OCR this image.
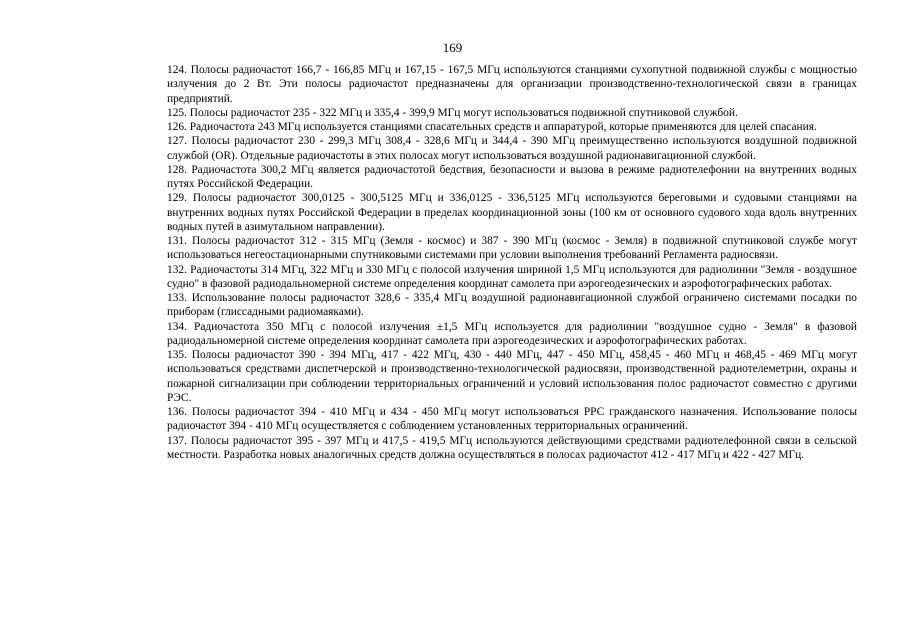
169

124. Полосы радиочастот 166,7 - 166,85 МГц и 167,15 - 167,5 МГц используются станциями сухопутной подвижной службы с мощностью излучения до 2 Вт. Эти полосы радиочастот предназначены для организации производственно-технологической связи в границах предприятий.

125. Полосы радиочастот 235 - 322 МГц и 335,4 - 399,9 МГц могут использоваться подвижной спутниковой службой.

126. Радиочастота 243 МГц используется станциями спасательных средств и аппаратурой, которые применяются для целей спасания.

127. Полосы радиочастот 230 - 299,3 МГц 308,4 - 328,6 МГц и 344,4 - 390 МГц преимущественно используются воздушной подвижной службой (OR). Отдельные радиочастоты в этих полосах могут использоваться воздушной радионавигационной службой.

128. Радиочастота 300,2 МГц является радиочастотой бедствия, безопасности и вызова в режиме радиотелефонии на внутренних водных путях Российской Федерации.

129. Полосы радиочастот 300,0125 - 300,5125 МГц и 336,0125 - 336,5125 МГц используются береговыми и судовыми станциями на внутренних водных путях Российской Федерации в пределах координационной зоны (100 км от основного судового хода вдоль внутренних водных путей в азимутальном направлении).

131. Полосы радиочастот 312 - 315 МГц (Земля - космос) и 387 - 390 МГц (космос - Земля) в подвижной спутниковой службе могут использоваться негеостационарными спутниковыми системами при условии выполнения требований Регламента радиосвязи.

132. Радиочастоты 314 МГц, 322 МГц и 330 МГц с полосой излучения шириной 1,5 МГц используются для радиолинии "Земля - воздушное судно" в фазовой радиодальномерной системе определения координат самолета при аэрогеодезических и аэрофотографических работах.

133. Использование полосы радиочастот 328,6 - 335,4 МГц воздушной радионавигационной службой ограничено системами посадки по приборам (глиссадными радиомаяками).

134. Радиочастота 350 МГц с полосой излучения ±1,5 МГц используется для радиолинии "воздушное судно - Земля" в фазовой радиодальномерной системе определения координат самолета при аэрогеодезических и аэрофотографических работах.

135. Полосы радиочастот 390 - 394 МГц, 417 - 422 МГц, 430 - 440 МГц, 447 - 450 МГц, 458,45 - 460 МГц и 468,45 - 469 МГц могут использоваться средствами диспетчерской и производственно-технологической радиосвязи, производственной радиотелеметрии, охраны и пожарной сигнализации при соблюдении территориальных ограничений и условий использования полос радиочастот совместно с другими РЭС.

136. Полосы радиочастот 394 - 410 МГц и 434 - 450 МГц могут использоваться РРС гражданского назначения. Использование полосы радиочастот 394 - 410 МГц осуществляется с соблюдением установленных территориальных ограничений.

137. Полосы радиочастот 395 - 397 МГц и 417,5 - 419,5 МГц используются действующими средствами радиотелефонной связи в сельской местности. Разработка новых аналогичных средств должна осуществляться в полосах радиочастот 412 - 417 МГц и 422 - 427 МГц.
